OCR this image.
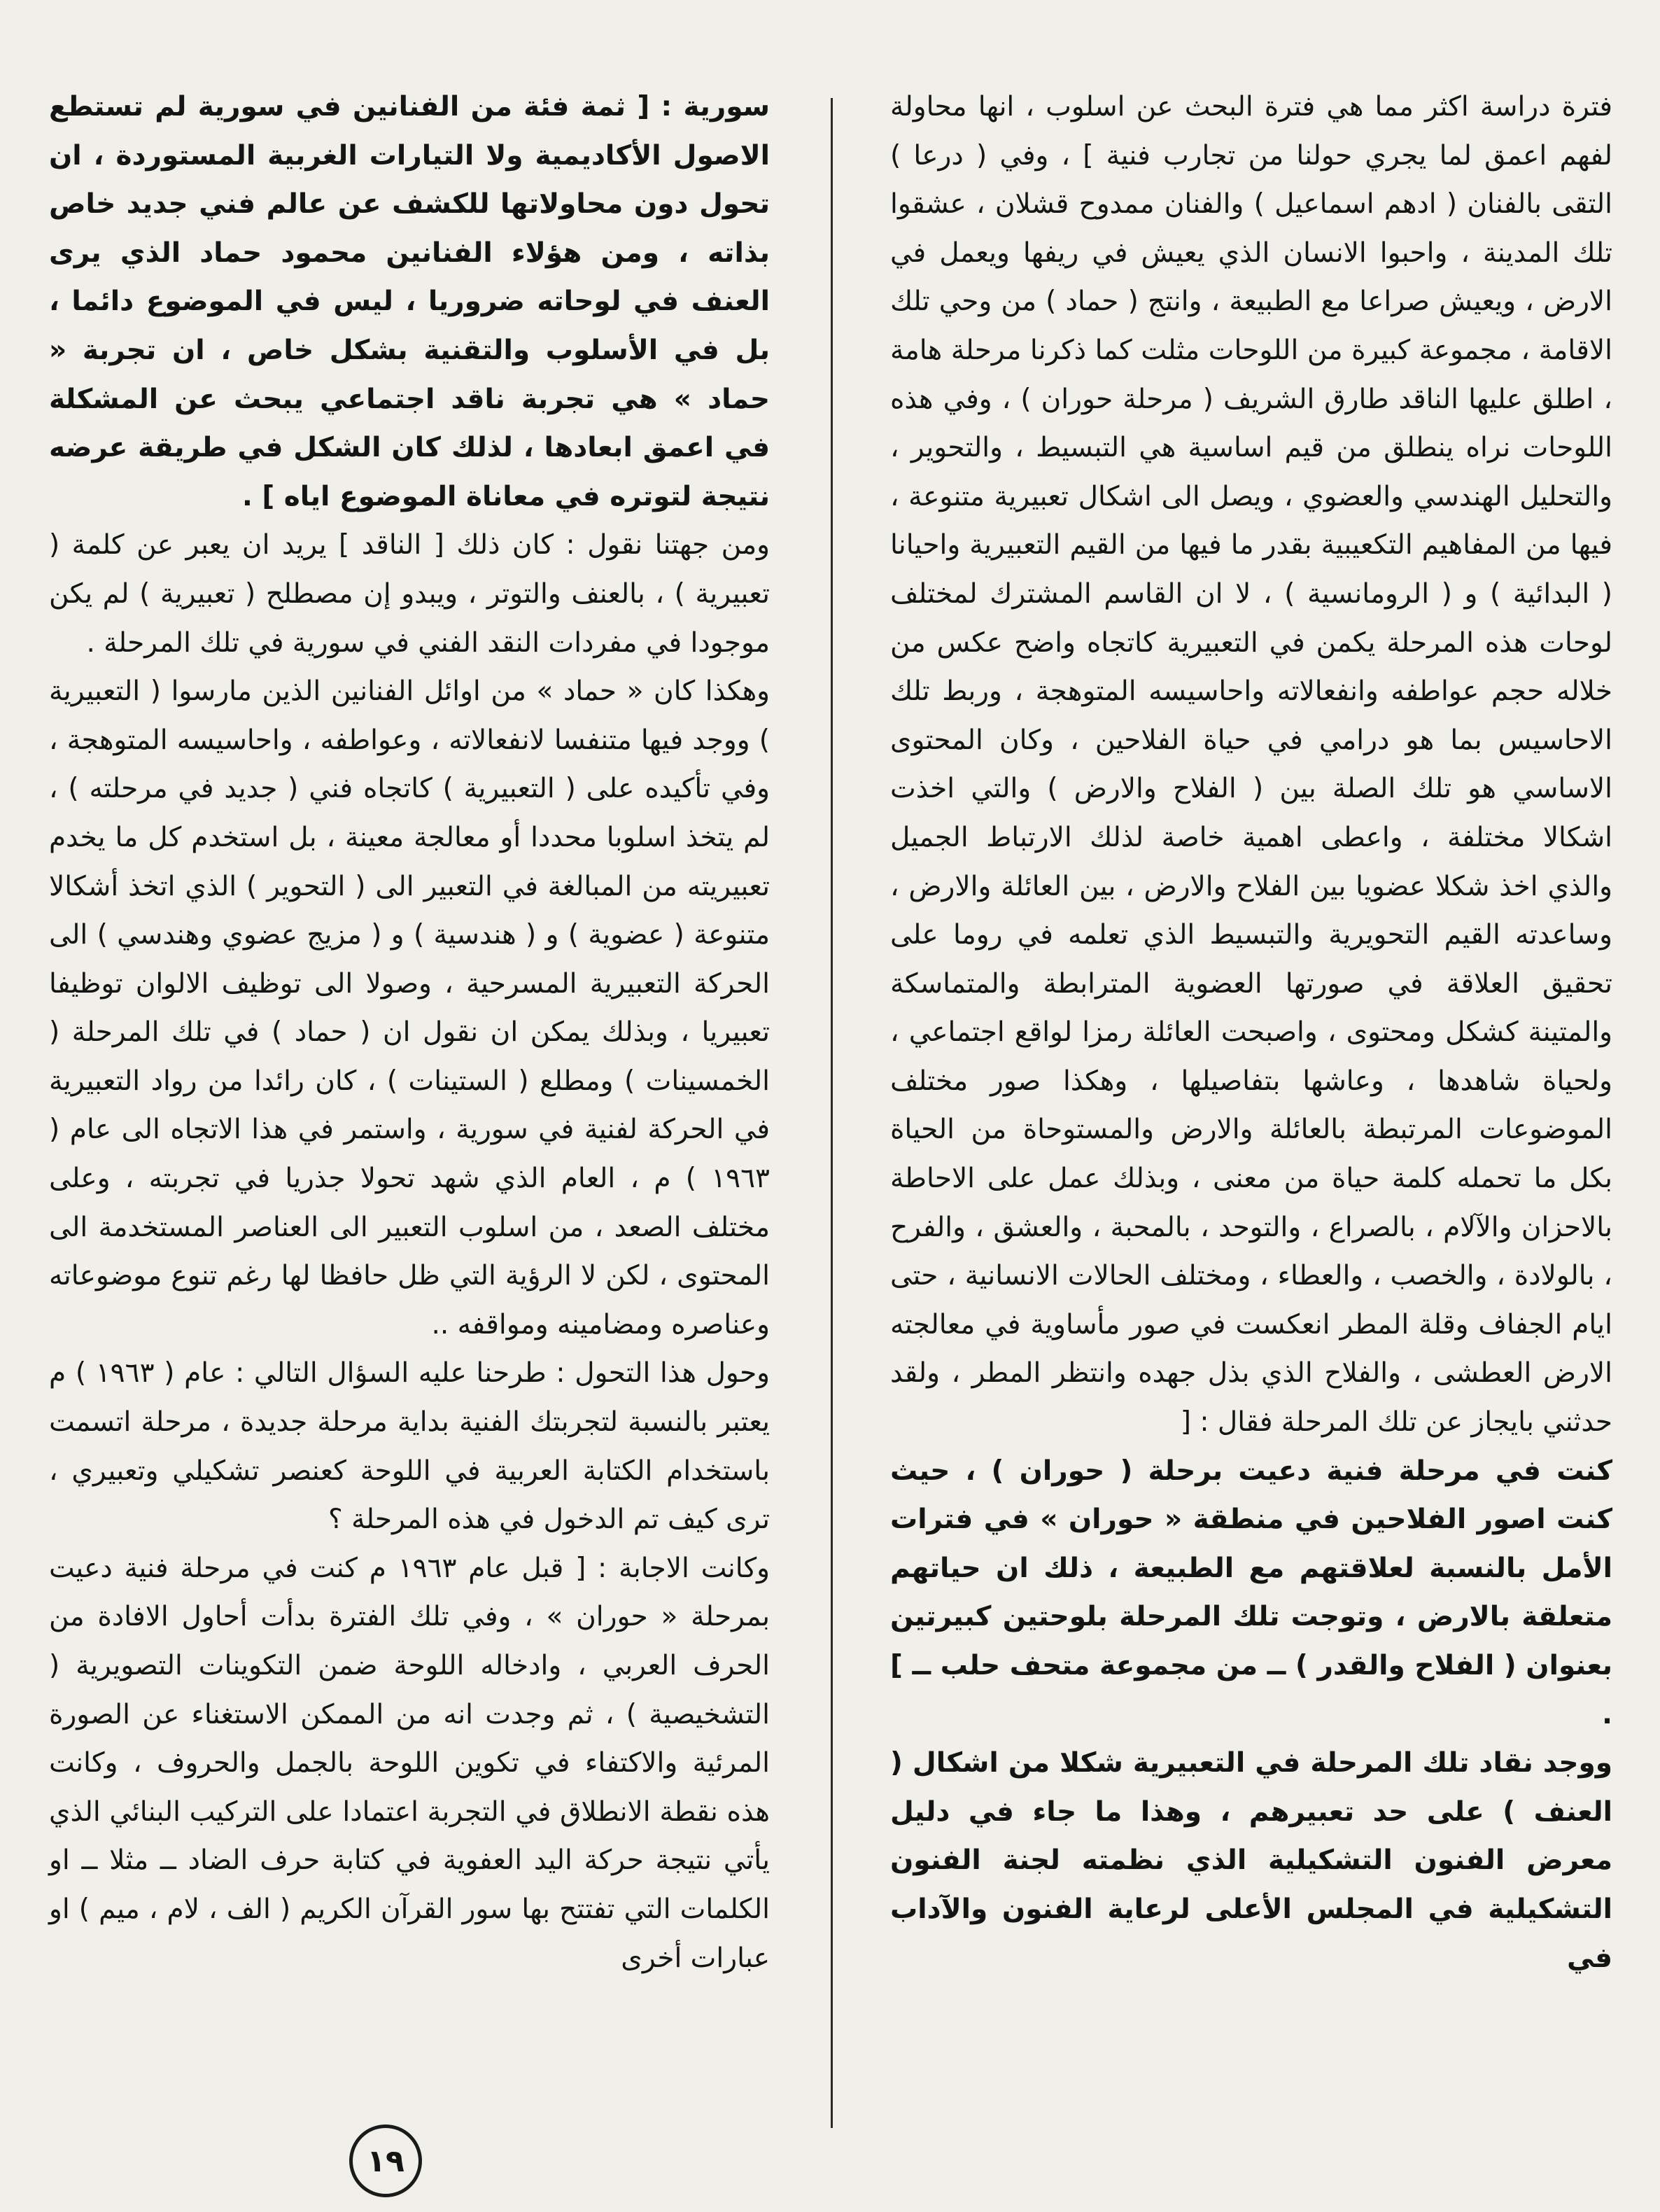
فترة دراسة اكثر مما هي فترة البحث عن اسلوب ، انها محاولة لفهم اعمق لما يجري حولنا من تجارب فنية ] ، وفي ( درعا ) التقى بالفنان ( ادهم اسماعيل ) والفنان ممدوح قشلان ، عشقوا تلك المدينة ، واحبوا الانسان الذي يعيش في ريفها ويعمل في الارض ، ويعيش صراعا مع الطبيعة ، وانتج ( حماد ) من وحي تلك الاقامة ، مجموعة كبيرة من اللوحات مثلت كما ذكرنا مرحلة هامة ، اطلق عليها الناقد طارق الشريف ( مرحلة حوران ) ، وفي هذه اللوحات نراه ينطلق من قيم اساسية هي التبسيط ، والتحوير ، والتحليل الهندسي والعضوي ، ويصل الى اشكال تعبيرية متنوعة ، فيها من المفاهيم التكعيبية بقدر ما فيها من القيم التعبيرية واحيانا ( البدائية ) و ( الرومانسية ) ، لا ان القاسم المشترك لمختلف لوحات هذه المرحلة يكمن في التعبيرية كاتجاه واضح عكس من خلاله حجم عواطفه وانفعالاته واحاسيسه المتوهجة ، وربط تلك الاحاسيس بما هو درامي في حياة الفلاحين ، وكان المحتوى الاساسي هو تلك الصلة بين ( الفلاح والارض ) والتي اخذت اشكالا مختلفة ، واعطى اهمية خاصة لذلك الارتباط الجميل والذي اخذ شكلا عضويا بين الفلاح والارض ، بين العائلة والارض ، وساعدته القيم التحويرية والتبسيط الذي تعلمه في روما على تحقيق العلاقة في صورتها العضوية المترابطة والمتماسكة والمتينة كشكل ومحتوى ، واصبحت العائلة رمزا لواقع اجتماعي ، ولحياة شاهدها ، وعاشها بتفاصيلها ، وهكذا صور مختلف الموضوعات المرتبطة بالعائلة والارض والمستوحاة من الحياة بكل ما تحمله كلمة حياة من معنى ، وبذلك عمل على الاحاطة بالاحزان والآلام ، بالصراع ، والتوحد ، بالمحبة ، والعشق ، والفرح ، بالولادة ، والخصب ، والعطاء ، ومختلف الحالات الانسانية ، حتى ايام الجفاف وقلة المطر انعكست في صور مأساوية في معالجته الارض العطشى ، والفلاح الذي بذل جهده وانتظر المطر ، ولقد حدثني بايجاز عن تلك المرحلة فقال : [

كنت في مرحلة فنية دعيت برحلة ( حوران ) ، حيث كنت اصور الفلاحين في منطقة « حوران » في فترات الأمل بالنسبة لعلاقتهم مع الطبيعة ، ذلك ان حياتهم متعلقة بالارض ، وتوجت تلك المرحلة بلوحتين كبيرتين بعنوان ( الفلاح والقدر ) ــ من مجموعة متحف حلب ــ ] .

ووجد نقاد تلك المرحلة في التعبيرية شكلا من اشكال ( العنف ) على حد تعبيرهم ، وهذا ما جاء في دليل معرض الفنون التشكيلية الذي نظمته لجنة الفنون التشكيلية في المجلس الأعلى لرعاية الفنون والآداب في

سورية : [ ثمة فئة من الفنانين في سورية لم تستطع الاصول الأكاديمية ولا التيارات الغربية المستوردة ، ان تحول دون محاولاتها للكشف عن عالم فني جديد خاص بذاته ، ومن هؤلاء الفنانين محمود حماد الذي يرى العنف في لوحاته ضروريا ، ليس في الموضوع دائما ، بل في الأسلوب والتقنية بشكل خاص ، ان تجربة « حماد » هي تجربة ناقد اجتماعي يبحث عن المشكلة في اعمق ابعادها ، لذلك كان الشكل في طريقة عرضه نتيجة لتوتره في معاناة الموضوع اياه ] .

ومن جهتنا نقول : كان ذلك [ الناقد ] يريد ان يعبر عن كلمة ( تعبيرية ) ، بالعنف والتوتر ، ويبدو إن مصطلح ( تعبيرية ) لم يكن موجودا في مفردات النقد الفني في سورية في تلك المرحلة .

وهكذا كان « حماد » من اوائل الفنانين الذين مارسوا ( التعبيرية ) ووجد فيها متنفسا لانفعالاته ، وعواطفه ، واحاسيسه المتوهجة ، وفي تأكيده على ( التعبيرية ) كاتجاه فني ( جديد في مرحلته ) ، لم يتخذ اسلوبا محددا أو معالجة معينة ، بل استخدم كل ما يخدم تعبيريته من المبالغة في التعبير الى ( التحوير ) الذي اتخذ أشكالا متنوعة ( عضوية ) و ( هندسية ) و ( مزيج عضوي وهندسي ) الى الحركة التعبيرية المسرحية ، وصولا الى توظيف الالوان توظيفا تعبيريا ، وبذلك يمكن ان نقول ان ( حماد ) في تلك المرحلة ( الخمسينات ) ومطلع ( الستينات ) ، كان رائدا من رواد التعبيرية في الحركة لفنية في سورية ، واستمر في هذا الاتجاه الى عام ( ١٩٦٣ ) م ، العام الذي شهد تحولا جذريا في تجربته ، وعلى مختلف الصعد ، من اسلوب التعبير الى العناصر المستخدمة الى المحتوى ، لكن لا الرؤية التي ظل حافظا لها رغم تنوع موضوعاته وعناصره ومضامينه ومواقفه ..

وحول هذا التحول : طرحنا عليه السؤال التالي : عام ( ١٩٦٣ ) م يعتبر بالنسبة لتجربتك الفنية بداية مرحلة جديدة ، مرحلة اتسمت باستخدام الكتابة العربية في اللوحة كعنصر تشكيلي وتعبيري ، ترى كيف تم الدخول في هذه المرحلة ؟

وكانت الاجابة : [ قبل عام ١٩٦٣ م كنت في مرحلة فنية دعيت بمرحلة « حوران » ، وفي تلك الفترة بدأت أحاول الافادة من الحرف العربي ، وادخاله اللوحة ضمن التكوينات التصويرية ( التشخيصية ) ، ثم وجدت انه من الممكن الاستغناء عن الصورة المرئية والاكتفاء في تكوين اللوحة بالجمل والحروف ، وكانت هذه نقطة الانطلاق في التجربة اعتمادا على التركيب البنائي الذي يأتي نتيجة حركة اليد العفوية في كتابة حرف الضاد ــ مثلا ــ او الكلمات التي تفتتح بها سور القرآن الكريم ( الف ، لام ، ميم ) او عبارات أخرى

١٩
